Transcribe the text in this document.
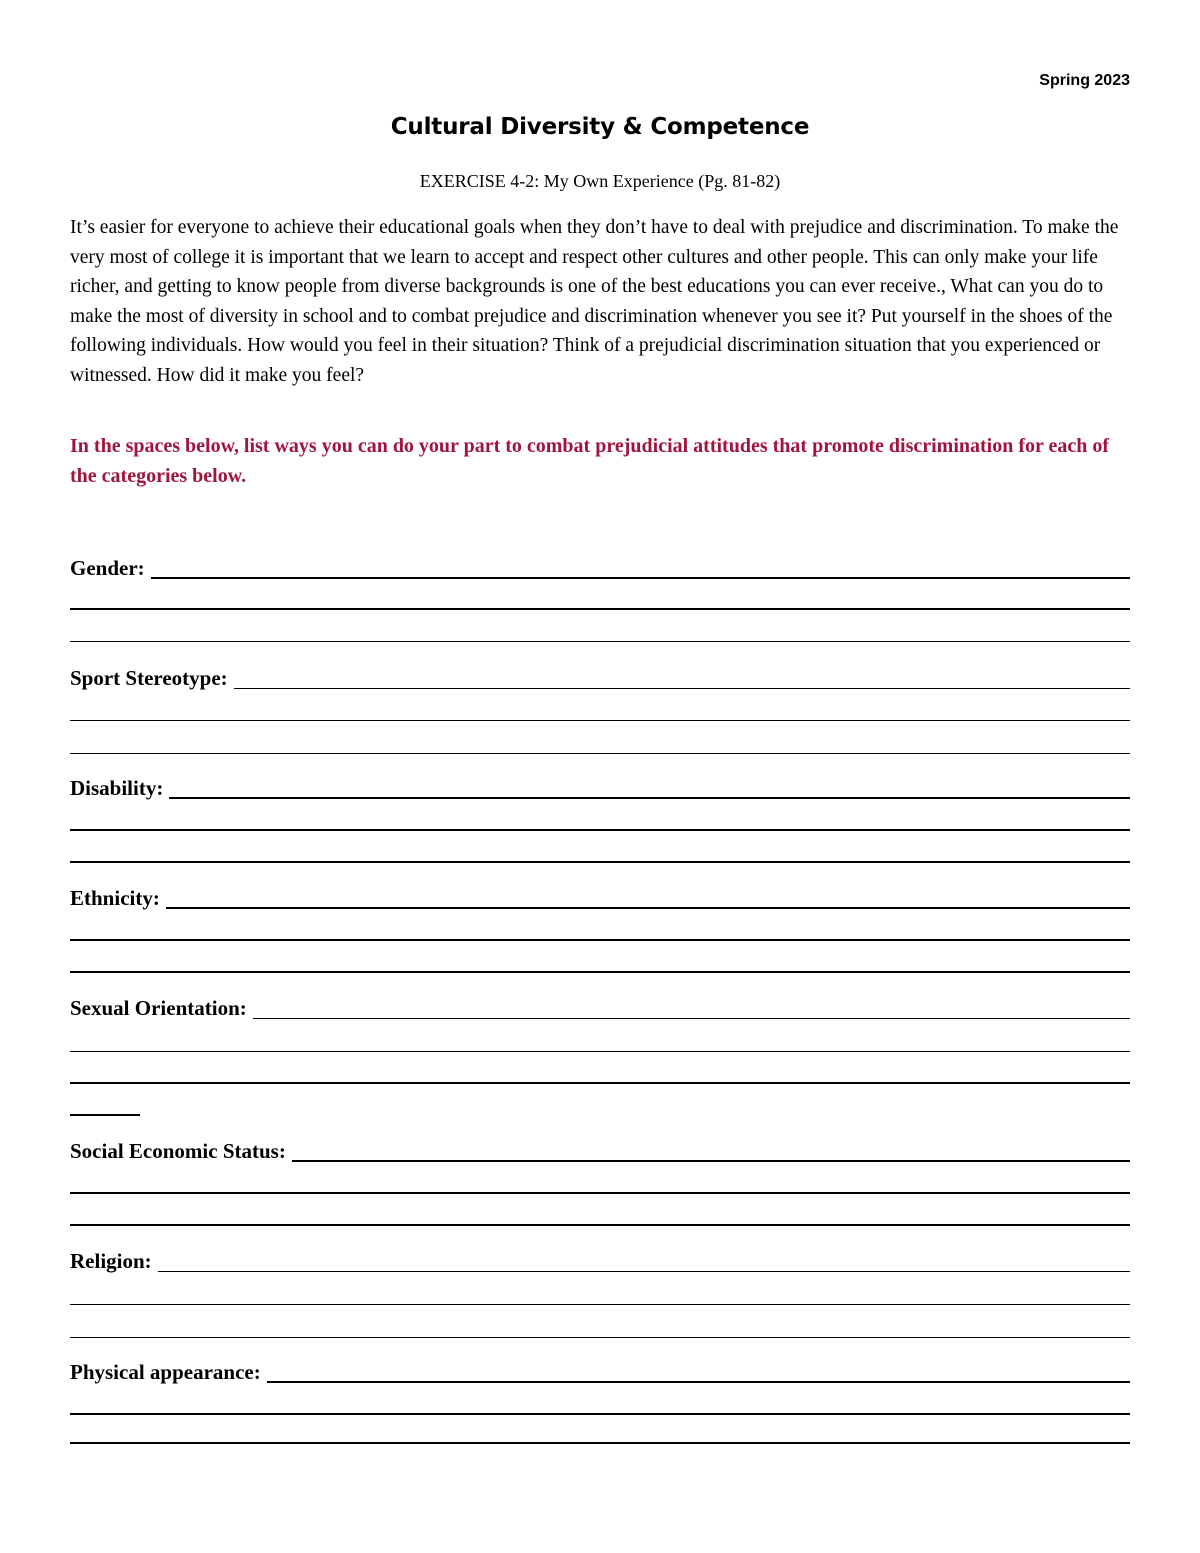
Spring 2023
Cultural Diversity & Competence
EXERCISE 4-2: My Own Experience (Pg. 81-82)

It’s easier for everyone to achieve their educational goals when they don’t have to deal with prejudice and discrimination. To make the very most of college it is important that we learn to accept and respect other cultures and other people. This can only make your life richer, and getting to know people from diverse backgrounds is one of the best educations you can ever receive., What can you do to make the most of diversity in school and to combat prejudice and discrimination whenever you see it? Put yourself in the shoes of the following individuals. How would you feel in their situation? Think of a prejudicial discrimination situation that you experienced or witnessed. How did it make you feel?

In the spaces below, list ways you can do your part to combat prejudicial attitudes that promote discrimination for each of the categories below.

Gender:
Sport Stereotype:
Disability:
Ethnicity:
Sexual Orientation:
Social Economic Status:
Religion:
Physical appearance:
